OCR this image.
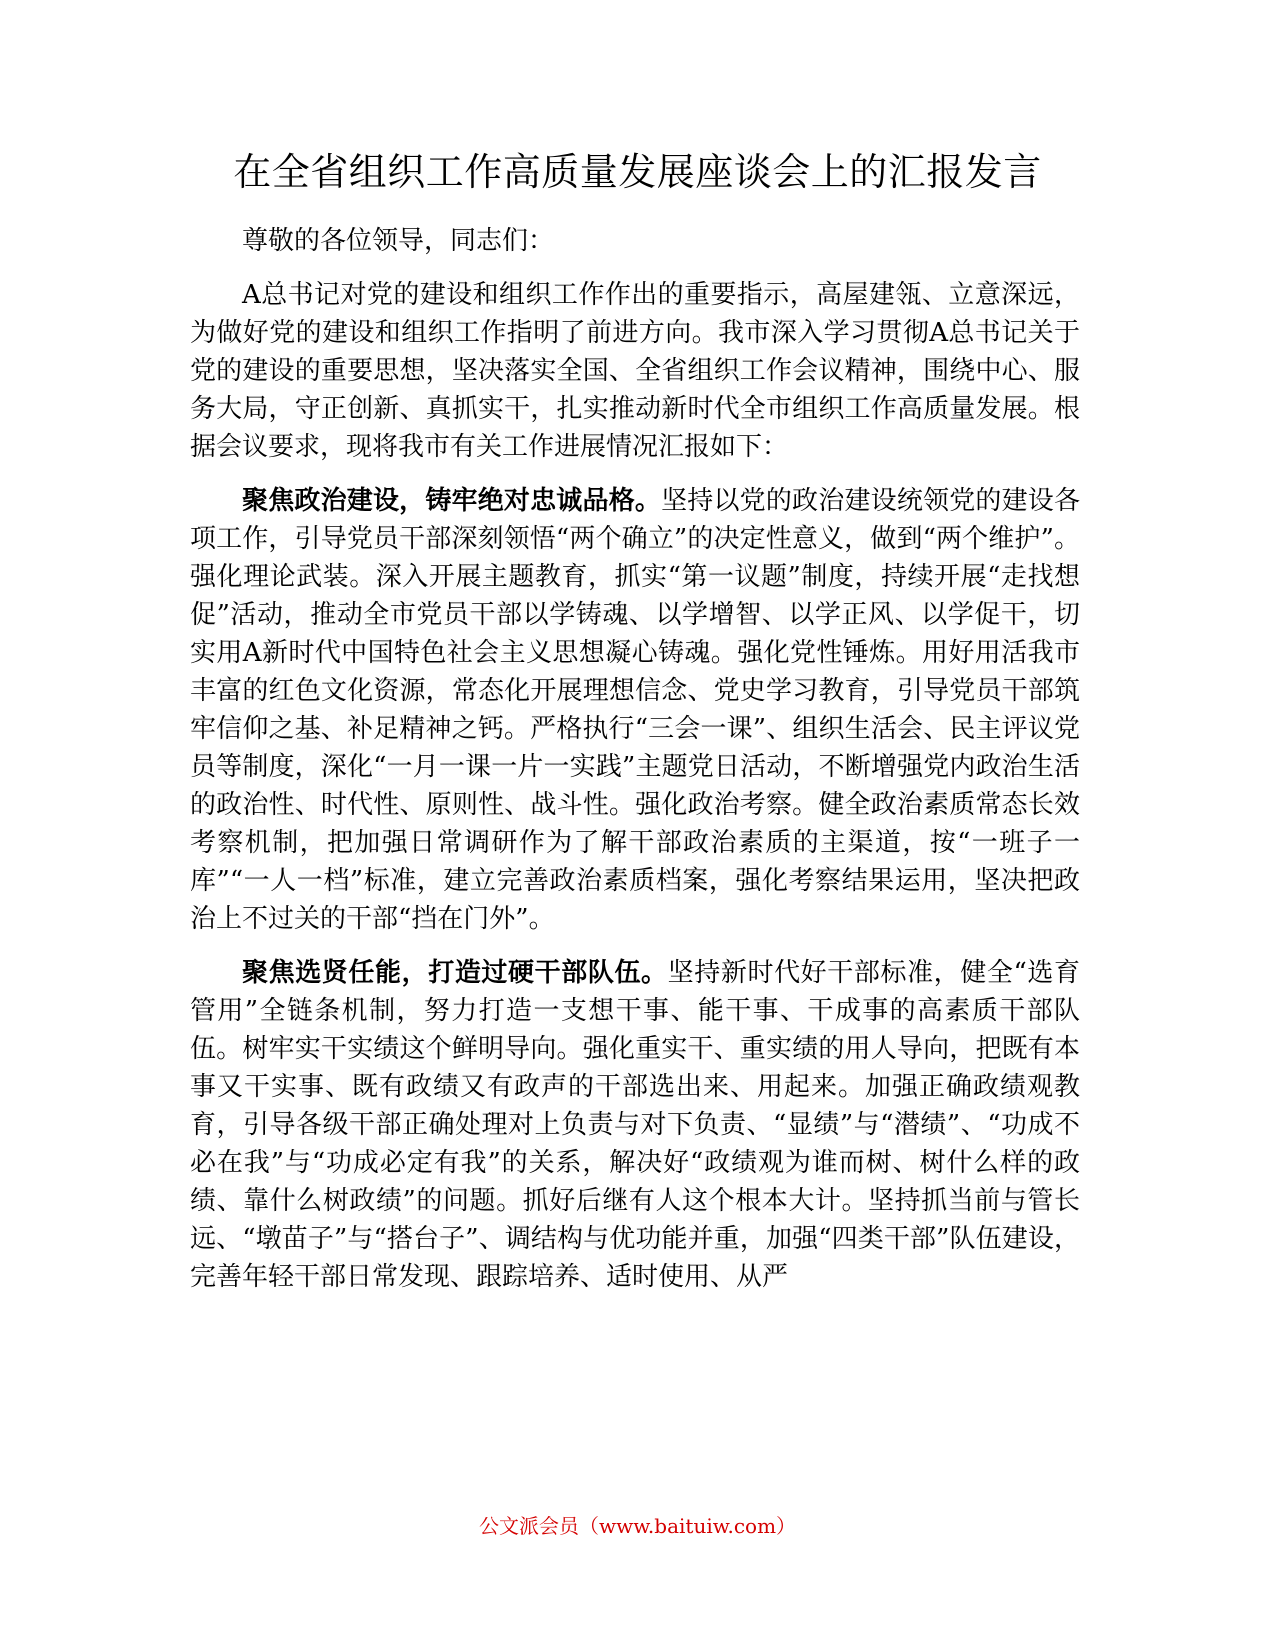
在全省组织工作高质量发展座谈会上的汇报发言

尊敬的各位领导，同志们：

A总书记对党的建设和组织工作作出的重要指示，高屋建瓴、立意深远，为做好党的建设和组织工作指明了前进方向。我市深入学习贯彻A总书记关于党的建设的重要思想，坚决落实全国、全省组织工作会议精神，围绕中心、服务大局，守正创新、真抓实干，扎实推动新时代全市组织工作高质量发展。根据会议要求，现将我市有关工作进展情况汇报如下：

聚焦政治建设，铸牢绝对忠诚品格。坚持以党的政治建设统领党的建设各项工作，引导党员干部深刻领悟“两个确立”的决定性意义，做到“两个维护”。强化理论武装。深入开展主题教育，抓实“第一议题”制度，持续开展“走找想促”活动，推动全市党员干部以学铸魂、以学增智、以学正风、以学促干，切实用A新时代中国特色社会主义思想凝心铸魂。强化党性锤炼。用好用活我市丰富的红色文化资源，常态化开展理想信念、党史学习教育，引导党员干部筑牢信仰之基、补足精神之钙。严格执行“三会一课”、组织生活会、民主评议党员等制度，深化“一月一课一片一实践”主题党日活动，不断增强党内政治生活的政治性、时代性、原则性、战斗性。强化政治考察。健全政治素质常态长效考察机制，把加强日常调研作为了解干部政治素质的主渠道，按“一班子一库”“一人一档”标准，建立完善政治素质档案，强化考察结果运用，坚决把政治上不过关的干部“挡在门外”。

聚焦选贤任能，打造过硬干部队伍。坚持新时代好干部标准，健全“选育管用”全链条机制，努力打造一支想干事、能干事、干成事的高素质干部队伍。树牢实干实绩这个鲜明导向。强化重实干、重实绩的用人导向，把既有本事又干实事、既有政绩又有政声的干部选出来、用起来。加强正确政绩观教育，引导各级干部正确处理对上负责与对下负责、“显绩”与“潜绩”、“功成不必在我”与“功成必定有我”的关系，解决好“政绩观为谁而树、树什么样的政绩、靠什么树政绩”的问题。抓好后继有人这个根本大计。坚持抓当前与管长远、“墩苗子”与“搭台子”、调结构与优功能并重，加强“四类干部”队伍建设，完善年轻干部日常发现、跟踪培养、适时使用、从严

公文派会员（www.baituiw.com）
